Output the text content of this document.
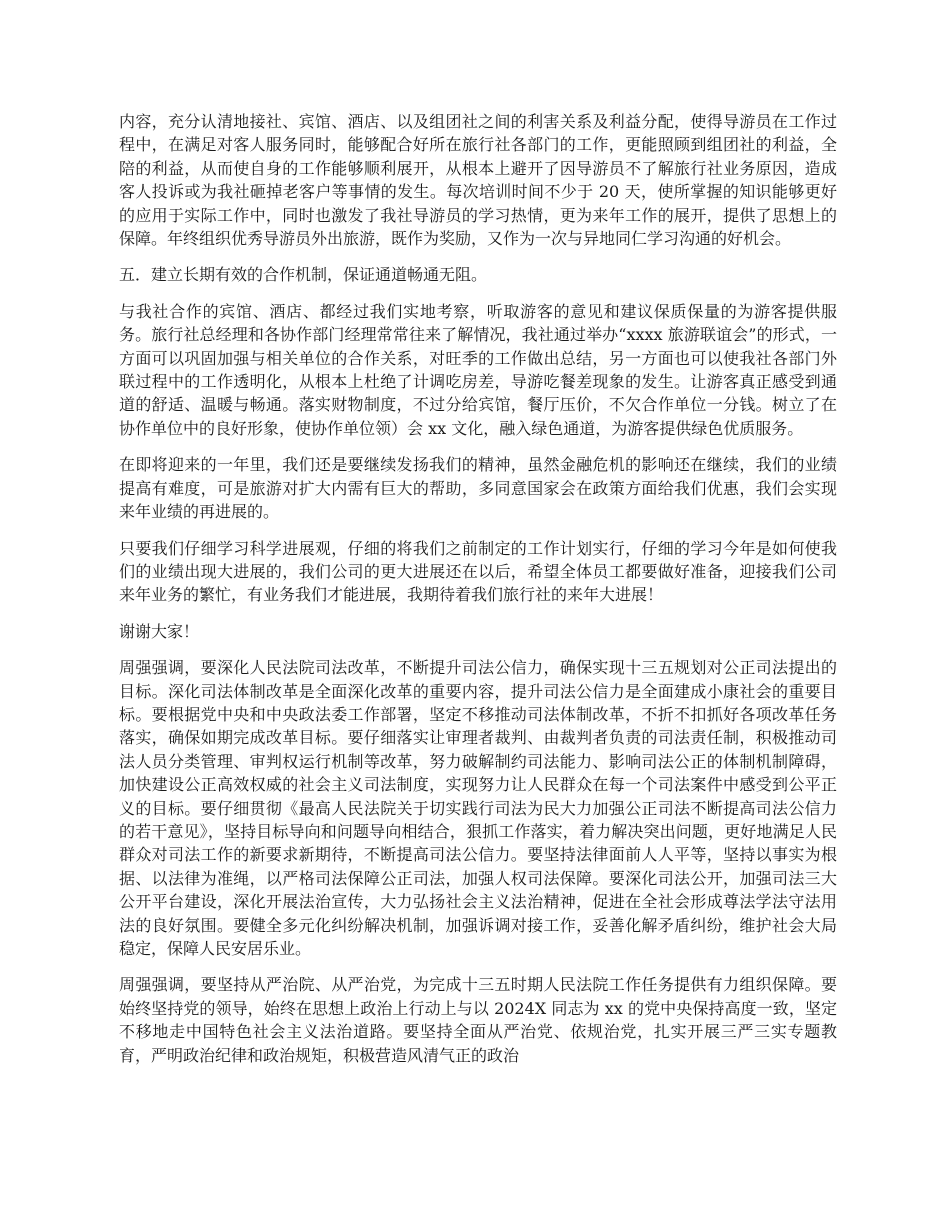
内容，充分认清地接社、宾馆、酒店、以及组团社之间的利害关系及利益分配，使得导游员在工作过程中，在满足对客人服务同时，能够配合好所在旅行社各部门的工作，更能照顾到组团社的利益，全陪的利益，从而使自身的工作能够顺利展开，从根本上避开了因导游员不了解旅行社业务原因，造成客人投诉或为我社砸掉老客户等事情的发生。每次培训时间不少于 20 天，使所掌握的知识能够更好的应用于实际工作中，同时也激发了我社导游员的学习热情，更为来年工作的展开，提供了思想上的保障。年终组织优秀导游员外出旅游，既作为奖励，又作为一次与异地同仁学习沟通的好机会。

五．建立长期有效的合作机制，保证通道畅通无阻。

与我社合作的宾馆、酒店、都经过我们实地考察，听取游客的意见和建议保质保量的为游客提供服务。旅行社总经理和各协作部门经理常常往来了解情况，我社通过举办“xxxx 旅游联谊会”的形式，一方面可以巩固加强与相关单位的合作关系，对旺季的工作做出总结，另一方面也可以使我社各部门外联过程中的工作透明化，从根本上杜绝了计调吃房差，导游吃餐差现象的发生。让游客真正感受到通道的舒适、温暖与畅通。落实财物制度，不过分给宾馆，餐厅压价，不欠合作单位一分钱。树立了在协作单位中的良好形象，使协作单位领）会 xx 文化，融入绿色通道，为游客提供绿色优质服务。

在即将迎来的一年里，我们还是要继续发扬我们的精神，虽然金融危机的影响还在继续，我们的业绩提高有难度，可是旅游对扩大内需有巨大的帮助，多同意国家会在政策方面给我们优惠，我们会实现来年业绩的再进展的。

只要我们仔细学习科学进展观，仔细的将我们之前制定的工作计划实行，仔细的学习今年是如何使我们的业绩出现大进展的，我们公司的更大进展还在以后，希望全体员工都要做好准备，迎接我们公司来年业务的繁忙，有业务我们才能进展，我期待着我们旅行社的来年大进展！

谢谢大家！

周强强调，要深化人民法院司法改革，不断提升司法公信力，确保实现十三五规划对公正司法提出的目标。深化司法体制改革是全面深化改革的重要内容，提升司法公信力是全面建成小康社会的重要目标。要根据党中央和中央政法委工作部署，坚定不移推动司法体制改革，不折不扣抓好各项改革任务落实，确保如期完成改革目标。要仔细落实让审理者裁判、由裁判者负责的司法责任制，积极推动司法人员分类管理、审判权运行机制等改革，努力破解制约司法能力、影响司法公正的体制机制障碍，加快建设公正高效权威的社会主义司法制度，实现努力让人民群众在每一个司法案件中感受到公平正义的目标。要仔细贯彻《最高人民法院关于切实践行司法为民大力加强公正司法不断提高司法公信力的若干意见》，坚持目标导向和问题导向相结合，狠抓工作落实，着力解决突出问题，更好地满足人民群众对司法工作的新要求新期待，不断提高司法公信力。要坚持法律面前人人平等，坚持以事实为根据、以法律为准绳，以严格司法保障公正司法，加强人权司法保障。要深化司法公开，加强司法三大公开平台建设，深化开展法治宣传，大力弘扬社会主义法治精神，促进在全社会形成尊法学法守法用法的良好氛围。要健全多元化纠纷解决机制，加强诉调对接工作，妥善化解矛盾纠纷，维护社会大局稳定，保障人民安居乐业。

周强强调，要坚持从严治院、从严治党，为完成十三五时期人民法院工作任务提供有力组织保障。要始终坚持党的领导，始终在思想上政治上行动上与以 2024X 同志为 xx 的党中央保持高度一致，坚定不移地走中国特色社会主义法治道路。要坚持全面从严治党、依规治党，扎实开展三严三实专题教育，严明政治纪律和政治规矩，积极营造风清气正的政治
